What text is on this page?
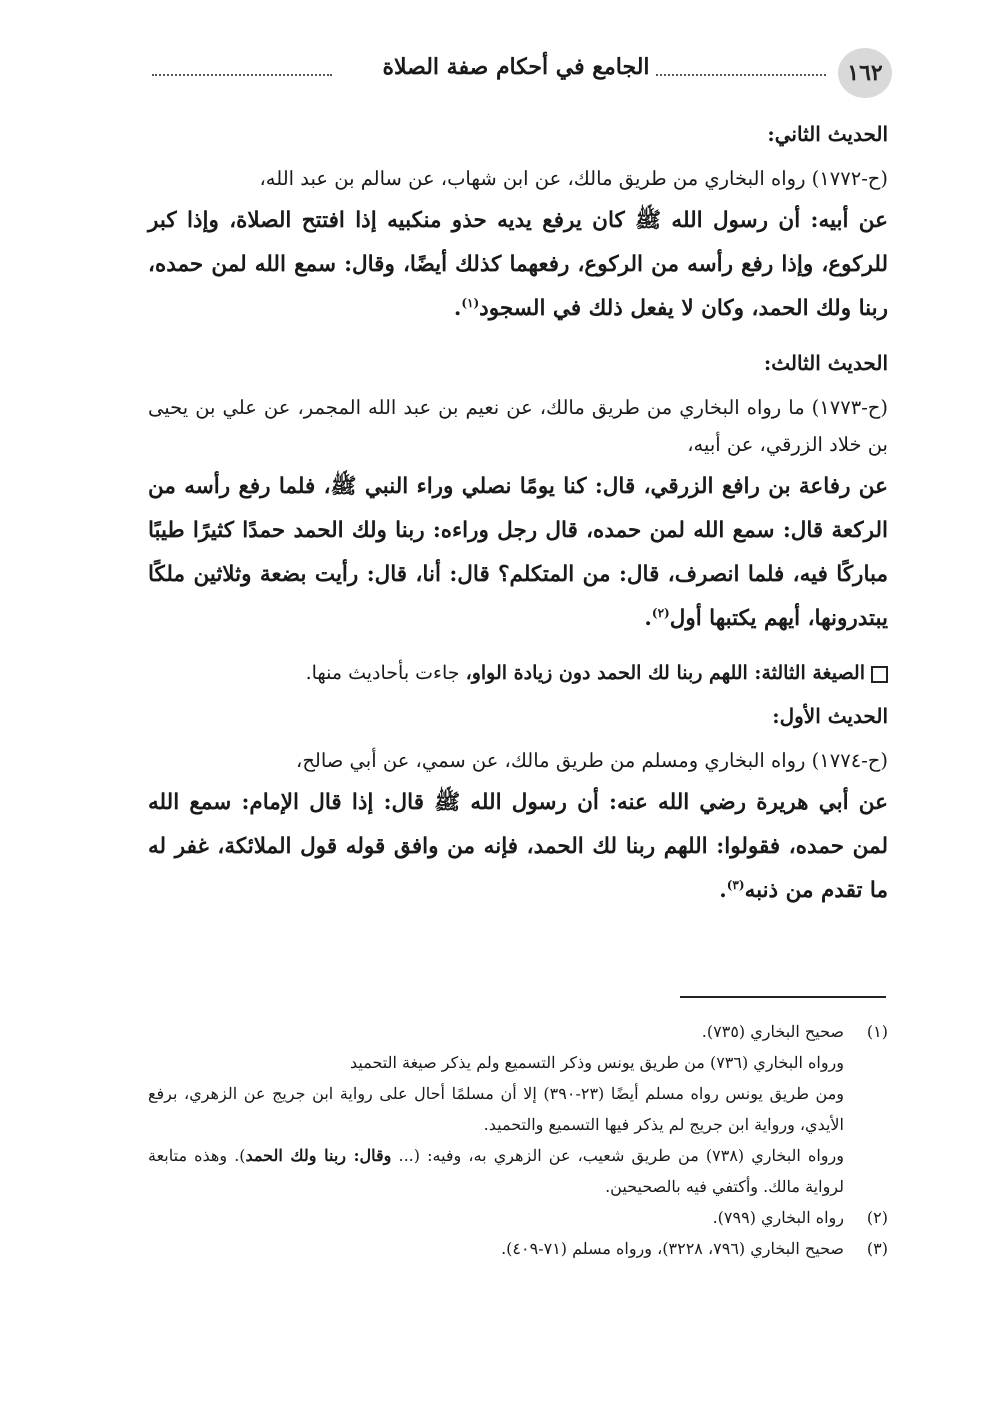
١٦٢
الجامع في أحكام صفة الصلاة

الحديث الثاني:

(ح-١٧٧٢) رواه البخاري من طريق مالك، عن ابن شهاب، عن سالم بن عبد الله،

عن أبيه: أن رسول الله ﷺ كان يرفع يديه حذو منكبيه إذا افتتح الصلاة، وإذا كبر للركوع، وإذا رفع رأسه من الركوع، رفعهما كذلك أيضًا، وقال: سمع الله لمن حمده، ربنا ولك الحمد، وكان لا يفعل ذلك في السجود$^{(١)}$.

الحديث الثالث:

(ح-١٧٧٣) ما رواه البخاري من طريق مالك، عن نعيم بن عبد الله المجمر، عن علي بن يحيى بن خلاد الزرقي، عن أبيه،

عن رفاعة بن رافع الزرقي، قال: كنا يومًا نصلي وراء النبي ﷺ، فلما رفع رأسه من الركعة قال: سمع الله لمن حمده، قال رجل وراءه: ربنا ولك الحمد حمدًا كثيرًا طيبًا مباركًا فيه، فلما انصرف، قال: من المتكلم؟ قال: أنا، قال: رأيت بضعة وثلاثين ملكًا يبتدرونها، أيهم يكتبها أول$^{(٢)}$.

الصيغة الثالثة: اللهم ربنا لك الحمد دون زيادة الواو، جاءت بأحاديث منها.

الحديث الأول:

(ح-١٧٧٤) رواه البخاري ومسلم من طريق مالك، عن سمي، عن أبي صالح،

عن أبي هريرة رضي الله عنه: أن رسول الله ﷺ قال: إذا قال الإمام: سمع الله لمن حمده، فقولوا: اللهم ربنا لك الحمد، فإنه من وافق قوله قول الملائكة، غفر له ما تقدم من ذنبه$^{(٣)}$.

(١)

صحيح البخاري (٧٣٥).

ورواه البخاري (٧٣٦) من طريق يونس وذكر التسميع ولم يذكر صيغة التحميد

ومن طريق يونس رواه مسلم أيضًا (٢٣-٣٩٠) إلا أن مسلمًا أحال على رواية ابن جريج عن الزهري، برفع الأيدي، ورواية ابن جريج لم يذكر فيها التسميع والتحميد.

ورواه البخاري (٧٣٨) من طريق شعيب، عن الزهري به، وفيه: (... وقال: ربنا ولك الحمد). وهذه متابعة لرواية مالك. وأكتفي فيه بالصحيحين.

(٢)

رواه البخاري (٧٩٩).

(٣)

صحيح البخاري (٧٩٦، ٣٢٢٨)، ورواه مسلم (٧١-٤٠٩).
